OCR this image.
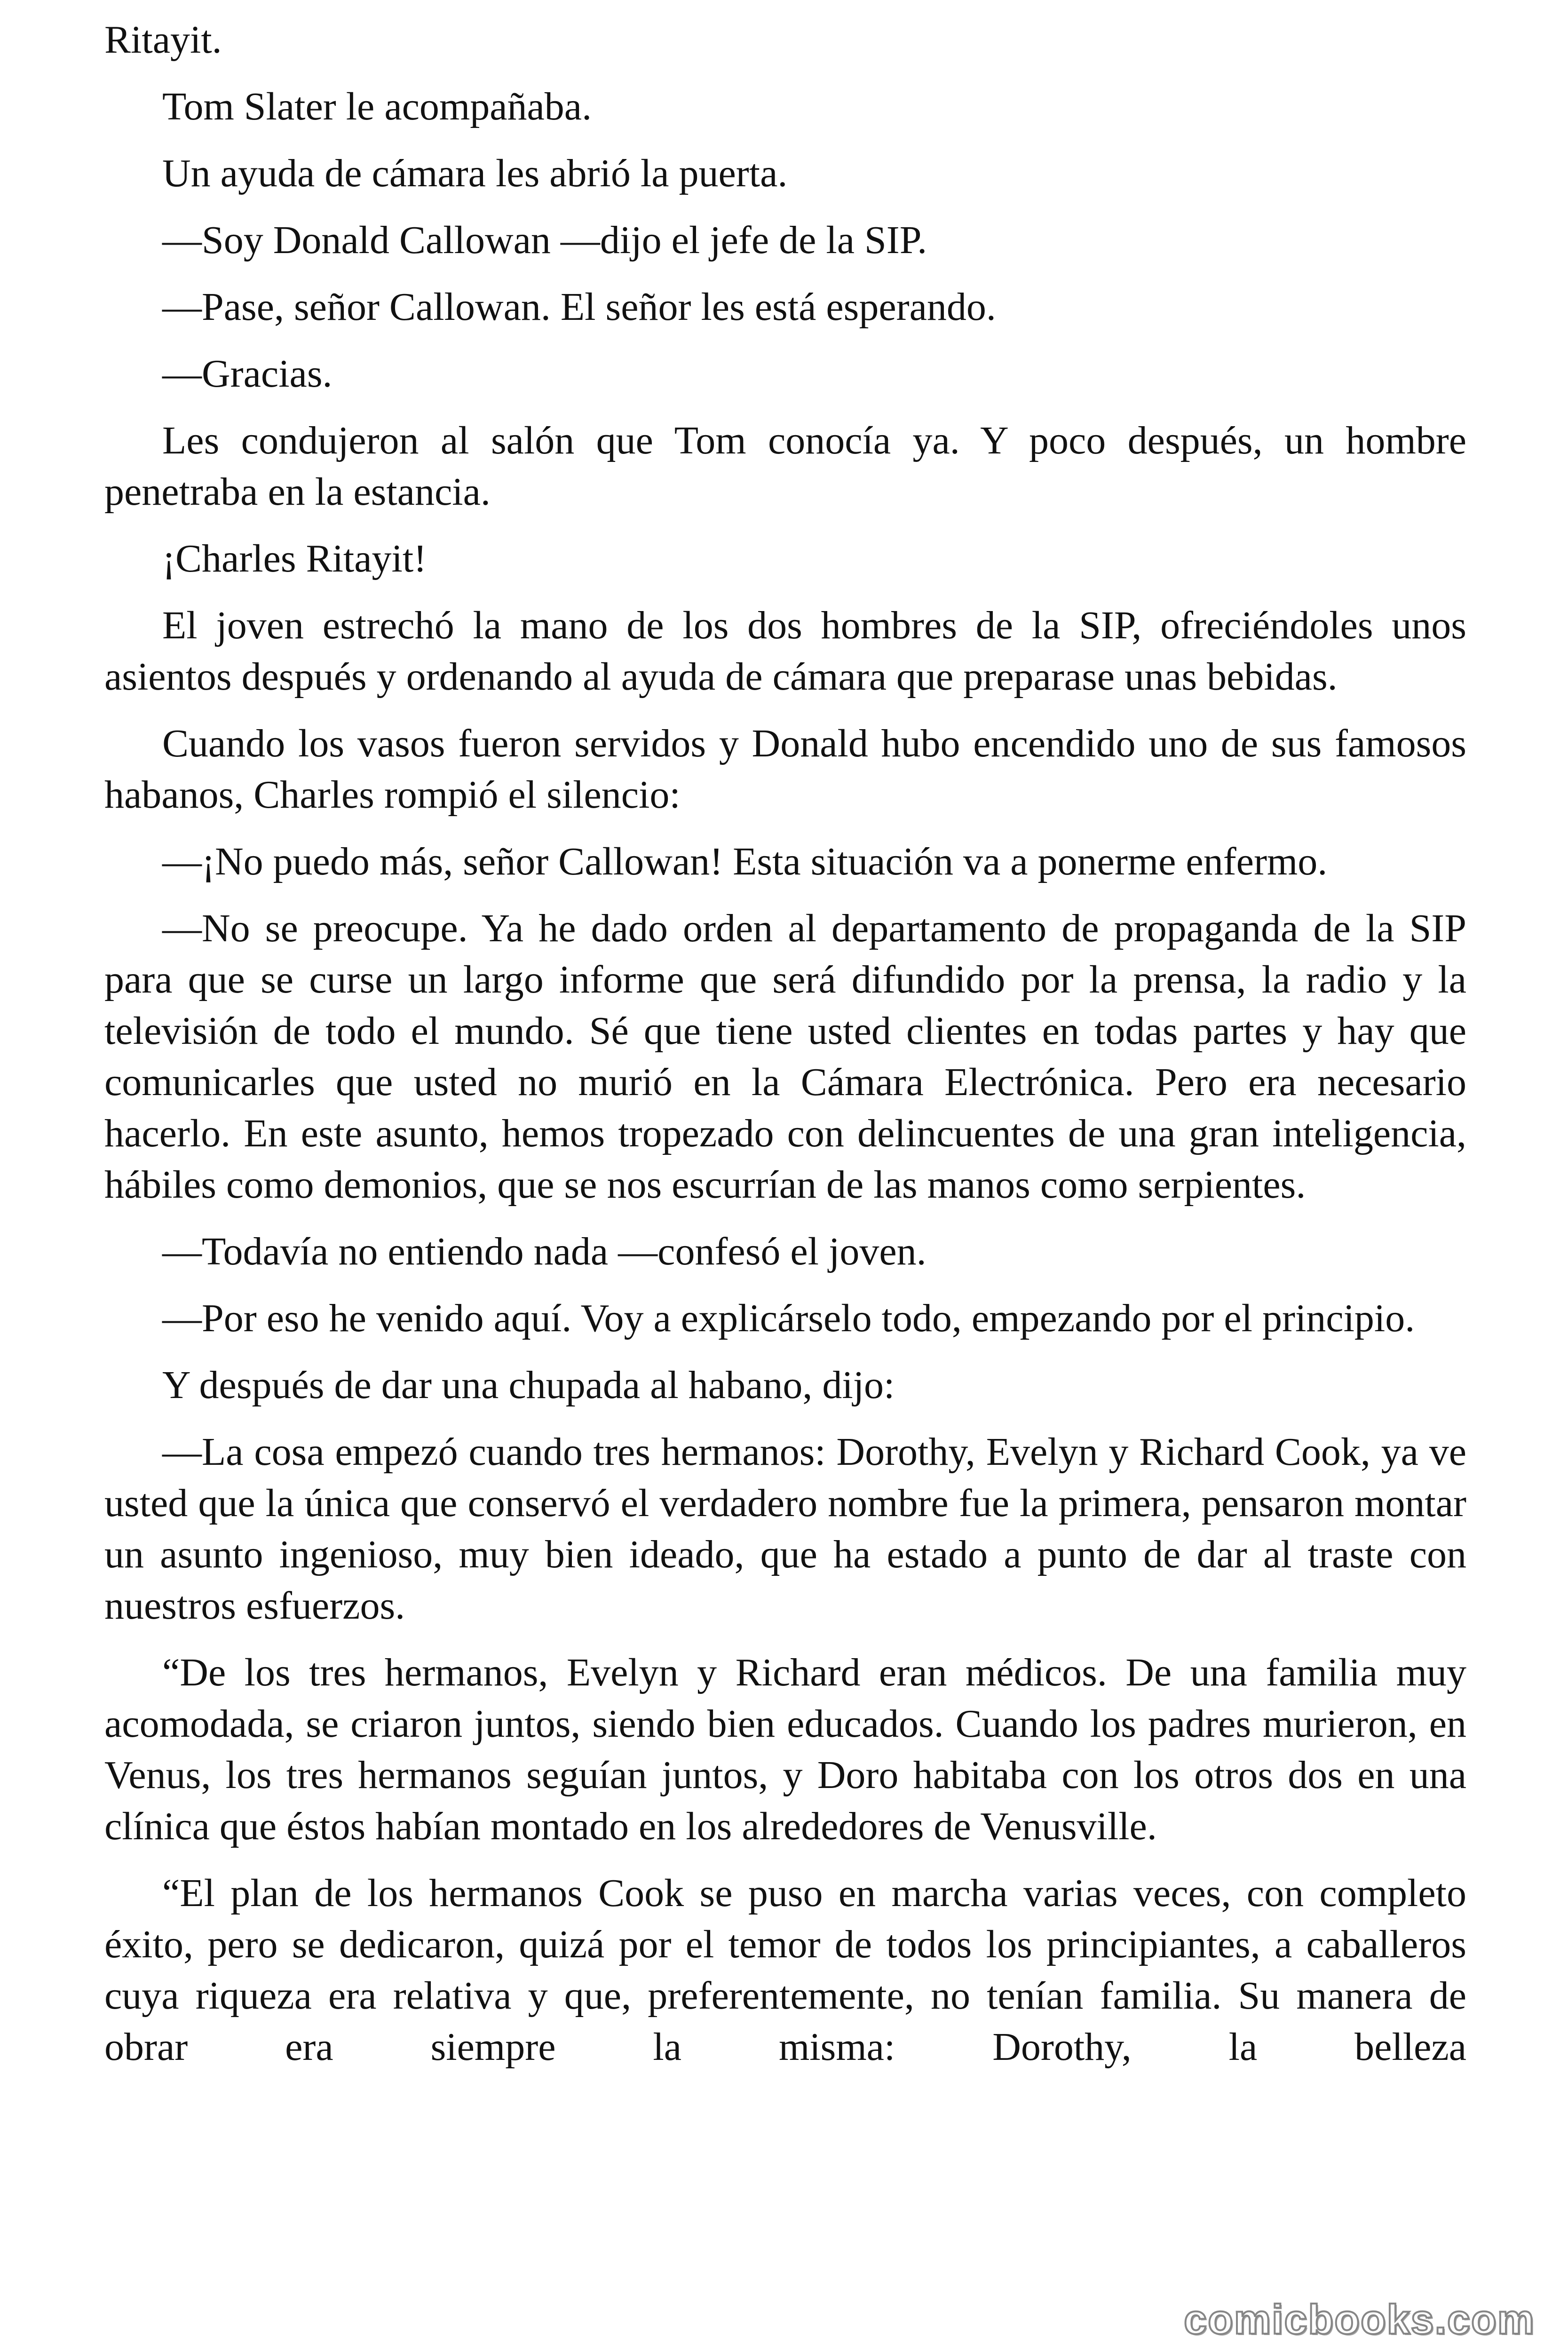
Ritayit.

Tom Slater le acompañaba.

Un ayuda de cámara les abrió la puerta.

—Soy Donald Callowan —dijo el jefe de la SIP.

—Pase, señor Callowan. El señor les está esperando.

—Gracias.

Les condujeron al salón que Tom conocía ya. Y poco después, un hombre penetraba en la estancia.

¡Charles Ritayit!

El joven estrechó la mano de los dos hombres de la SIP, ofreciéndoles unos asientos después y ordenando al ayuda de cámara que preparase unas bebidas.

Cuando los vasos fueron servidos y Donald hubo encendido uno de sus famosos habanos, Charles rompió el silencio:

—¡No puedo más, señor Callowan! Esta situación va a ponerme enfermo.

—No se preocupe. Ya he dado orden al departamento de propaganda de la SIP para que se curse un largo informe que será difundido por la prensa, la radio y la televisión de todo el mundo. Sé que tiene usted clientes en todas partes y hay que comunicarles que usted no murió en la Cámara Electrónica. Pero era necesario hacerlo. En este asunto, hemos tropezado con delincuentes de una gran inteligencia, hábiles como demonios, que se nos escurrían de las manos como serpientes.

—Todavía no entiendo nada —confesó el joven.

—Por eso he venido aquí. Voy a explicárselo todo, empezando por el principio.

Y después de dar una chupada al habano, dijo:

—La cosa empezó cuando tres hermanos: Dorothy, Evelyn y Richard Cook, ya ve usted que la única que conservó el verdadero nombre fue la primera, pensaron montar un asunto ingenioso, muy bien ideado, que ha estado a punto de dar al traste con nuestros esfuerzos.

“De los tres hermanos, Evelyn y Richard eran médicos. De una familia muy acomodada, se criaron juntos, siendo bien educados. Cuando los padres murieron, en Venus, los tres hermanos seguían juntos, y Doro habitaba con los otros dos en una clínica que éstos habían montado en los alrededores de Venusville.

“El plan de los hermanos Cook se puso en marcha varias veces, con completo éxito, pero se dedicaron, quizá por el temor de todos los principiantes, a caballeros cuya riqueza era relativa y que, preferentemente, no tenían familia. Su manera de obrar era siempre la misma: Dorothy, la belleza

comicbooks.com
